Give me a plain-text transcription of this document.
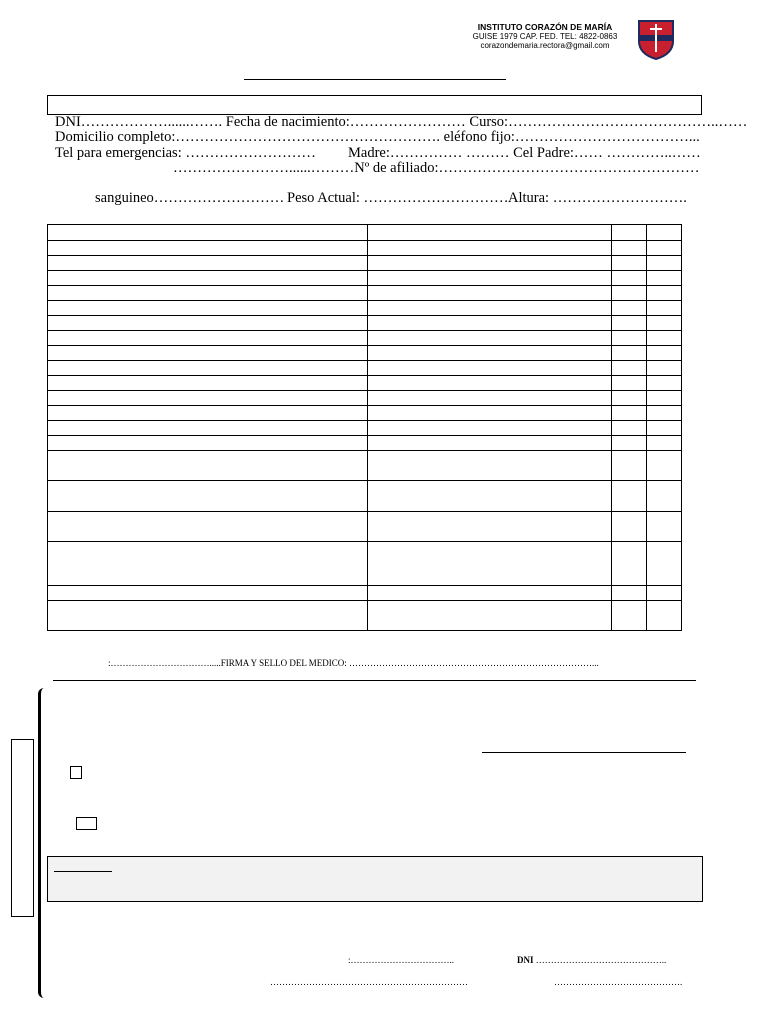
INSTITUTO CORAZÓN DE MARÍA
GUISE 1979 CAP. FED. TEL: 4822-0863
corazondemaria.rectora@gmail.com
DNI………………......……. Fecha de nacimiento:…………………… Curso:……………………………………..……
Domicilio completo:………………………………………………. eléfono fijo:………………………………...
Tel para emergencias: ……………………… Madre:…………… ……… Cel Padre:…… …………..……
……………………......………Nº de afiliado:………………………………………………
sanguineo……………………… Peso Actual: ………………………… Altura: ……………………….

:…………………………….....FIRMA Y SELLO DEL MEDICO: ………………………………………………………………………...
:……………………………..	DNI ……………………………………..
…………………………………………………………	…………………………………….
